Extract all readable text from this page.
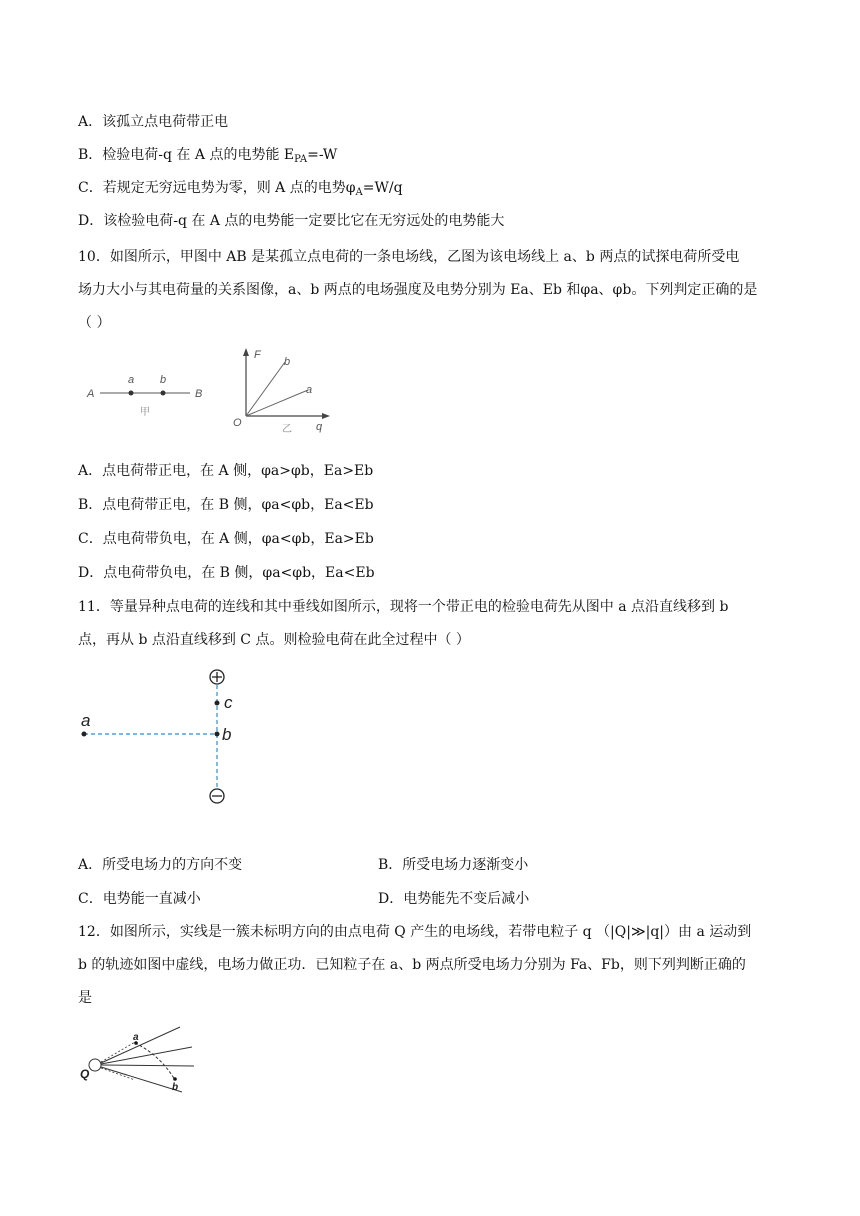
A．该孤立点电荷带正电
B．检验电荷-q 在 A 点的电势能 $E_{PA}=-W$
C．若规定无穷远电势为零，则 A 点的电势$\varphi_A=W/q$
D．该检验电荷-q 在 A 点的电势能一定要比它在无穷远处的电势能大
10．如图所示，甲图中 AB 是某孤立点电荷的一条电场线，乙图为该电场线上 a、b 两点的试探电荷所受电
场力大小与其电荷量的关系图像，a、b 两点的电场强度及电势分别为 Ea、Eb 和φa、φb。下列判定正确的是
（ ）
A
a b
B
甲
F
b
a
O	q
乙
a
b
c
Q
a
b
A．点电荷带正电，在 A 侧，φa>φb，Ea>Eb
B．点电荷带正电，在 B 侧，φa<φb，Ea<Eb
C．点电荷带负电，在 A 侧，φa<φb，Ea>Eb
D．点电荷带负电，在 B 侧，φa<φb，Ea<Eb
11．等量异种点电荷的连线和其中垂线如图所示，现将一个带正电的检验电荷先从图中 a 点沿直线移到 b
点，再从 b 点沿直线移到 C 点。则检验电荷在此全过程中（ ）
A．所受电场力的方向不变	B．所受电场力逐渐变小
C．电势能一直减小	D．电势能先不变后减小
12．如图所示，实线是一簇未标明方向的由点电荷 Q 产生的电场线，若带电粒子 q （|Q|≫|q|）由 a 运动到
b 的轨迹如图中虚线，电场力做正功．已知粒子在 a、b 两点所受电场力分别为 Fa、Fb，则下列判断正确的
是
